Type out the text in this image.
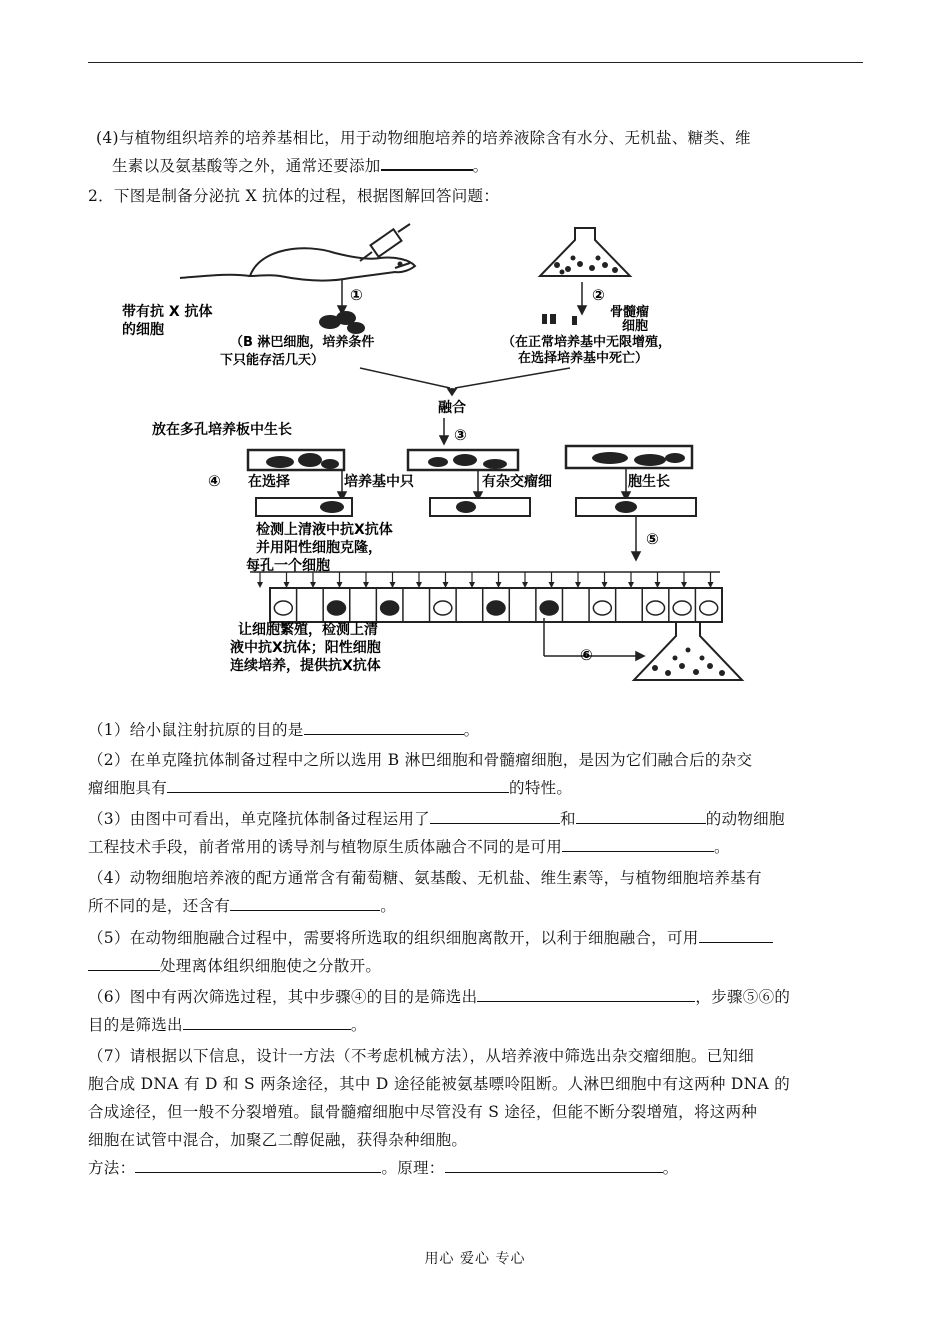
(4)与植物组织培养的培养基相比，用于动物细胞培养的培养液除含有水分、无机盐、糖类、维
生素以及氨基酸等之外，通常还要添加	。
2．下图是制备分泌抗 X 抗体的过程，根据图解回答问题：
①	②
带有抗 X 抗体
的细胞
（B 淋巴细胞，培养条件
下只能存活几天）
骨髓瘤
细胞
（在正常培养基中无限增殖，
在选择培养基中死亡）
融合
放在多孔培养板中生长	③
④ 在选择	培养基中只	有杂交瘤细	胞生长
检测上清液中抗X抗体
并用阳性细胞克隆，
每孔一个细胞
⑤
让细胞繁殖，检测上清
液中抗X抗体；阳性细胞
连续培养，提供抗X抗体
⑥
（1）给小鼠注射抗原的目的是	。
（2）在单克隆抗体制备过程中之所以选用 B 淋巴细胞和骨髓瘤细胞，是因为它们融合后的杂交
瘤细胞具有	的特性。
（3）由图中可看出，单克隆抗体制备过程运用了	和	的动物细胞
工程技术手段，前者常用的诱导剂与植物原生质体融合不同的是可用	。
（4）动物细胞培养液的配方通常含有葡萄糖、氨基酸、无机盐、维生素等，与植物细胞培养基有
所不同的是，还含有	。
（5）在动物细胞融合过程中，需要将所选取的组织细胞离散开，以利于细胞融合，可用
处理离体组织细胞使之分散开。
（6）图中有两次筛选过程，其中步骤④的目的是筛选出	，步骤⑤⑥的
目的是筛选出	。
（7）请根据以下信息，设计一方法（不考虑机械方法），从培养液中筛选出杂交瘤细胞。已知细
胞合成 DNA 有 D 和 S 两条途径，其中 D 途径能被氨基嘌呤阻断。人淋巴细胞中有这两种 DNA 的
合成途径，但一般不分裂增殖。鼠骨髓瘤细胞中尽管没有 S 途径，但能不断分裂增殖，将这两种
细胞在试管中混合，加聚乙二醇促融，获得杂种细胞。
方法：	。原理：	。
用心 爱心 专心
